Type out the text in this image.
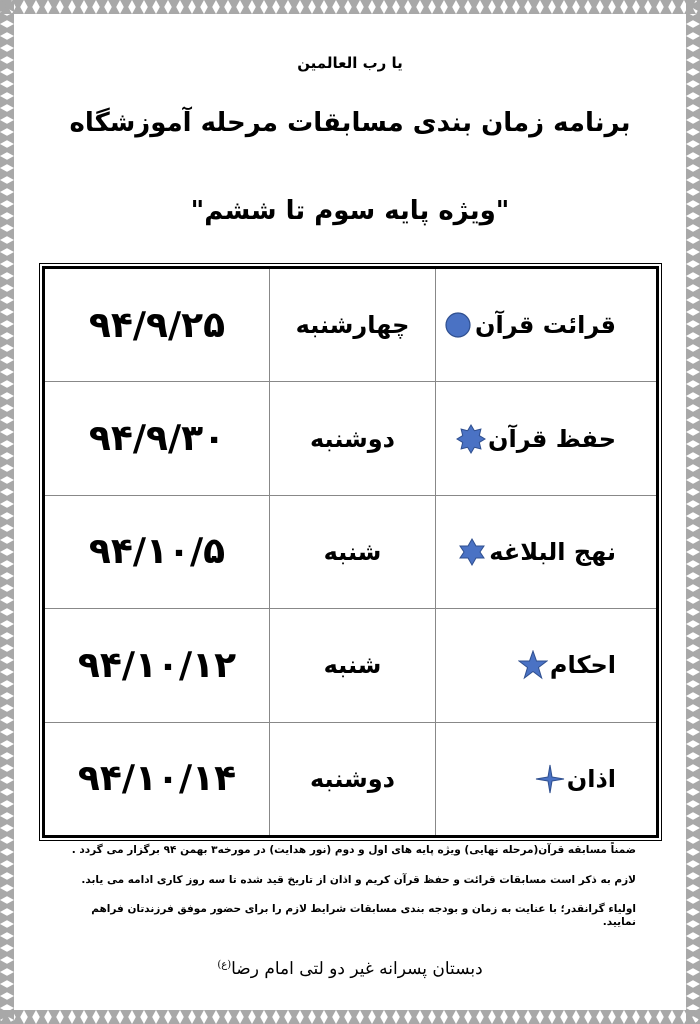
یا رب العالمین
برنامه زمان بندی مسابقات مرحله آموزشگاه
"ویژه پایه سوم تا ششم"
قرائت قرآن	چهارشنبه	۹۴/۹/۲۵

حفظ قرآن	دوشنبه	۹۴/۹/۳۰

نهج البلاغه	شنبه	۹۴/۱۰/۵

احکام	شنبه	۹۴/۱۰/۱۲

اذان	دوشنبه	۹۴/۱۰/۱۴

ضمناً مسابقه قرآن(مرحله نهایی) ویژه پایه های اول و دوم (نور هدایت) در مورخه۳ بهمن ۹۴ برگزار می گردد .

لازم به ذکر است مسابقات قرائت و حفظ قرآن کریم و اذان از تاریخ قید شده تا سه روز کاری ادامه می یابد.

اولیاء گرانقدر؛ با عنایت به زمان و بودجه بندی مسابقات شرایط لازم را برای حضور موفق فرزندتان فراهم نمایید.

دبستان پسرانه غیر دو لتی امام رضا$^{(ع)}$
